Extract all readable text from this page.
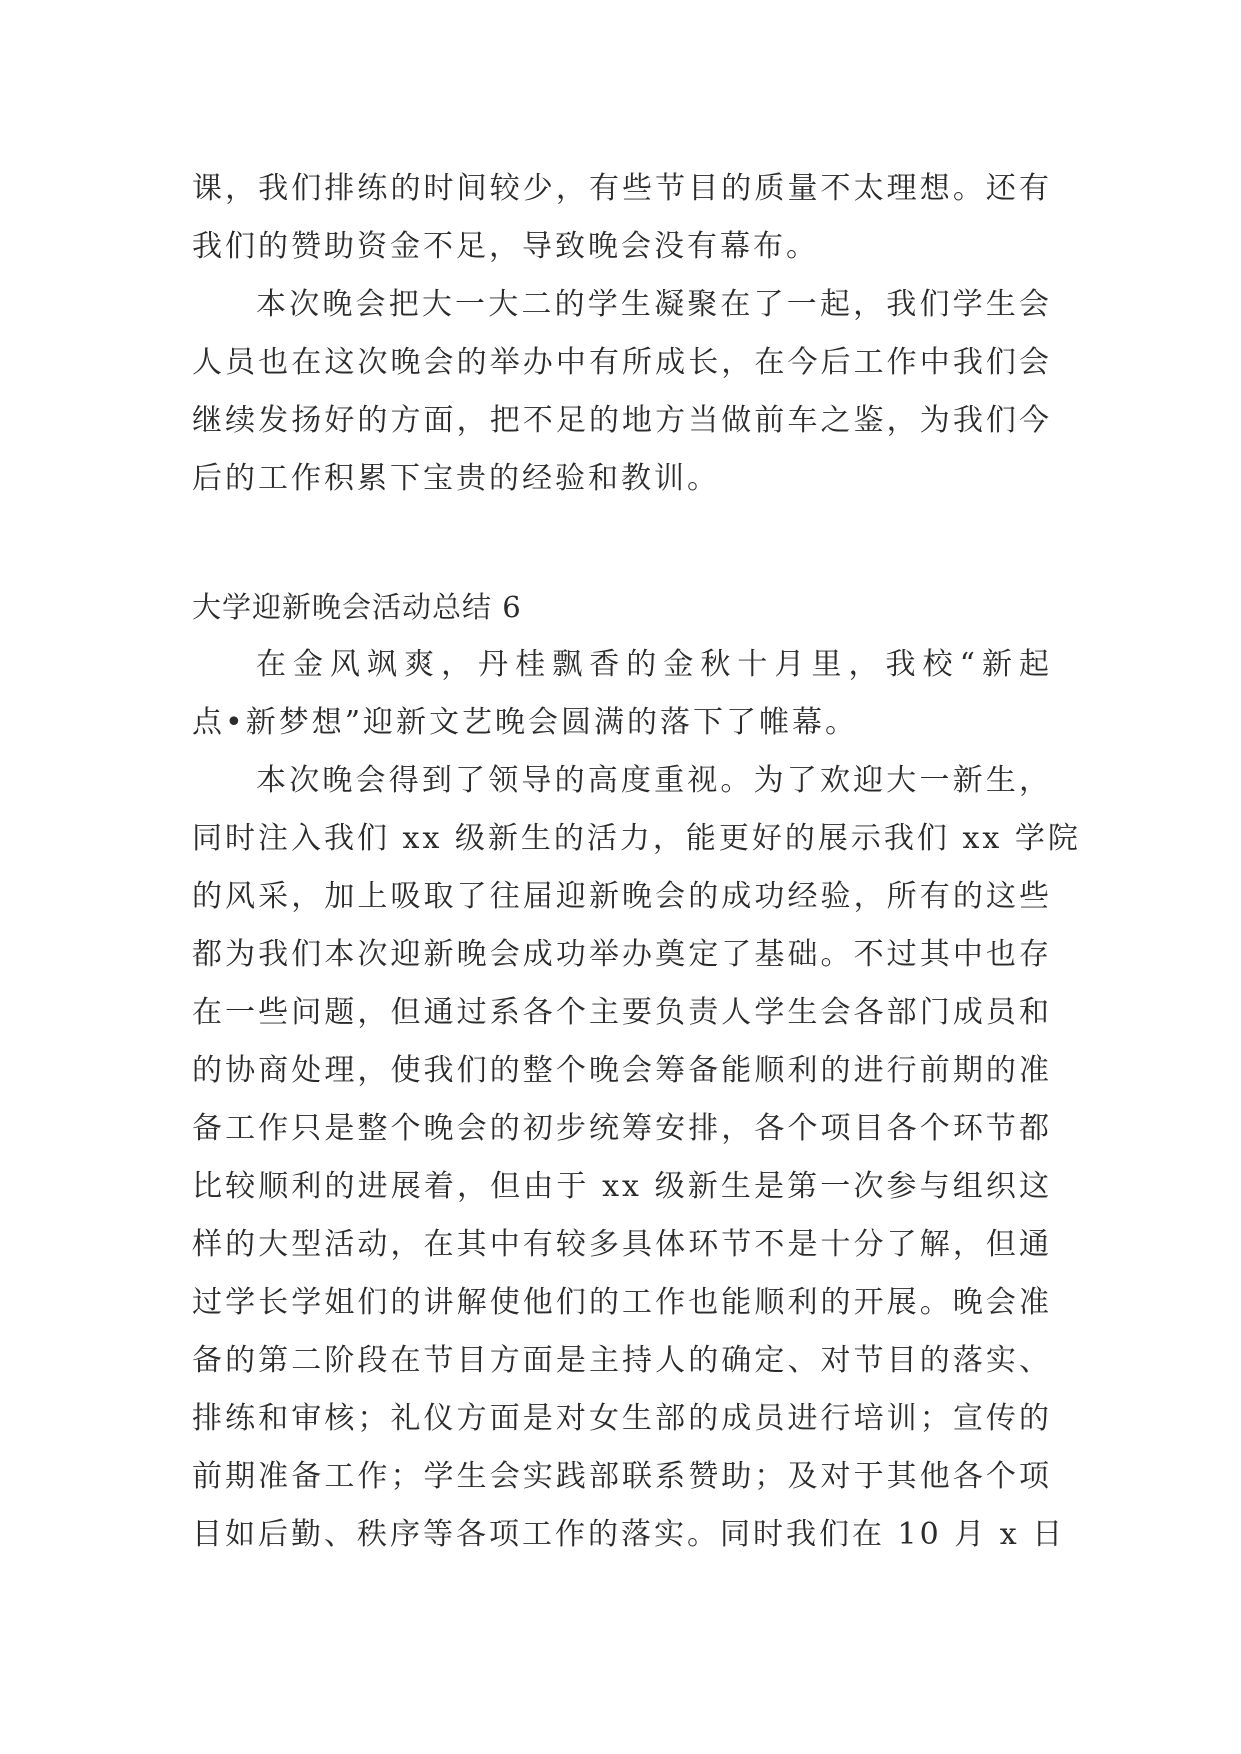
课，我们排练的时间较少，有些节目的质量不太理想。还有
我们的赞助资金不足，导致晚会没有幕布。
本次晚会把大一大二的学生凝聚在了一起，我们学生会
人员也在这次晚会的举办中有所成长，在今后工作中我们会
继续发扬好的方面，把不足的地方当做前车之鉴，为我们今
后的工作积累下宝贵的经验和教训。
大学迎新晚会活动总结 6
在金风飒爽，丹桂飘香的金秋十月里，我校“新起
点•新梦想”迎新文艺晚会圆满的落下了帷幕。
本次晚会得到了领导的高度重视。为了欢迎大一新生，
同时注入我们 xx 级新生的活力，能更好的展示我们 xx 学院
的风采，加上吸取了往届迎新晚会的成功经验，所有的这些
都为我们本次迎新晚会成功举办奠定了基础。不过其中也存
在一些问题，但通过系各个主要负责人学生会各部门成员和
的协商处理，使我们的整个晚会筹备能顺利的进行前期的准
备工作只是整个晚会的初步统筹安排，各个项目各个环节都
比较顺利的进展着，但由于 xx 级新生是第一次参与组织这
样的大型活动，在其中有较多具体环节不是十分了解，但通
过学长学姐们的讲解使他们的工作也能顺利的开展。晚会准
备的第二阶段在节目方面是主持人的确定、对节目的落实、
排练和审核；礼仪方面是对女生部的成员进行培训；宣传的
前期准备工作；学生会实践部联系赞助；及对于其他各个项
目如后勤、秩序等各项工作的落实。同时我们在 10 月 x 日
